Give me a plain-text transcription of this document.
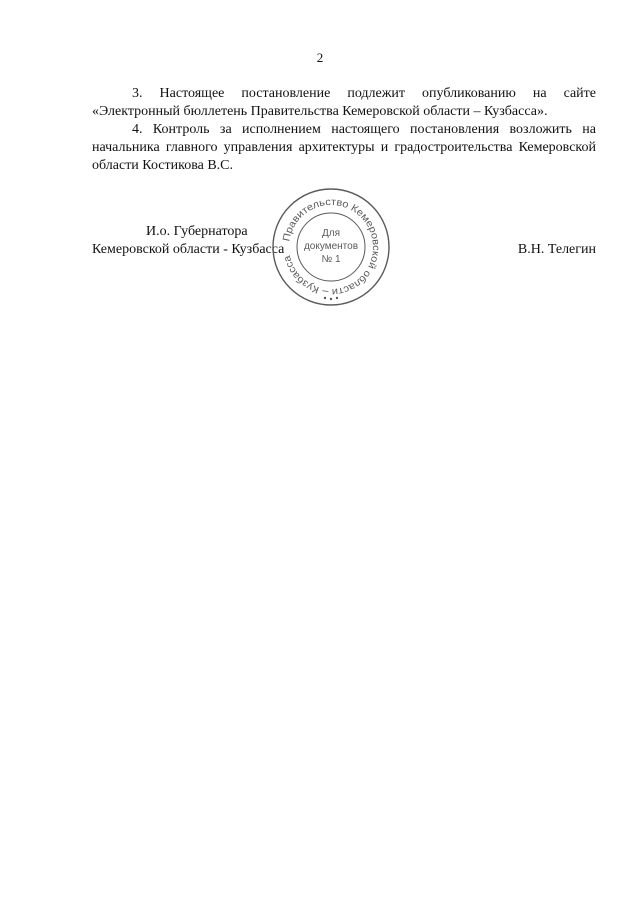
2

3. Настоящее постановление подлежит опубликованию на сайте «Электронный бюллетень Правительства Кемеровской области – Кузбасса».

4. Контроль за исполнением настоящего постановления возложить на начальника главного управления архитектуры и градостроительства Кемеровской области Костикова В.С.

И.о. Губернатора
Кемеровской области - Кузбасса	В.Н. Телегин
Правительство Кемеровской области – Кузбасса
Для
документов
№ 1
